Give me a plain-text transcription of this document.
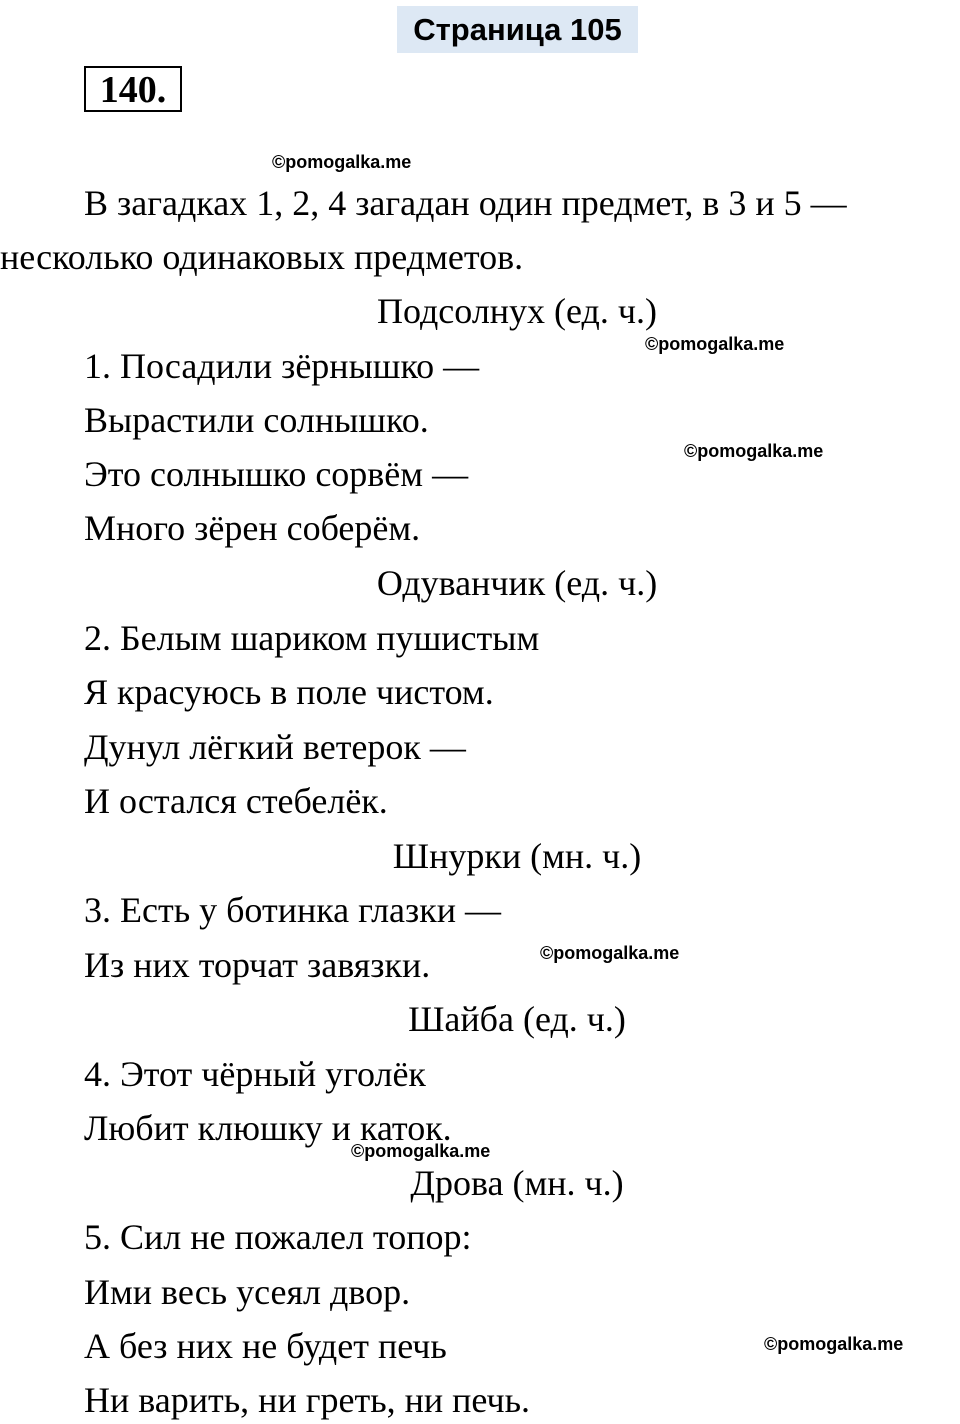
Страница 105
140.
©pomogalka.me
В загадках 1, 2, 4 загадан один предмет, в 3 и 5 —
несколько одинаковых предметов.
Подсолнух (ед. ч.)
©pomogalka.me
1. Посадили зёрнышко —
Вырастили солнышко.
©pomogalka.me
Это солнышко сорвём —
Много зёрен соберём.
Одуванчик (ед. ч.)
2. Белым шариком пушистым
Я красуюсь в поле чистом.
Дунул лёгкий ветерок —
И остался стебелёк.
Шнурки (мн. ч.)
3. Есть у ботинка глазки —
©pomogalka.me
Из них торчат завязки.
Шайба (ед. ч.)
4. Этот чёрный уголёк
Любит клюшку и каток.
©pomogalka.me
Дрова (мн. ч.)
5. Сил не пожалел топор:
Ими весь усеял двор.
©pomogalka.me
А без них не будет печь
Ни варить, ни греть, ни печь.
